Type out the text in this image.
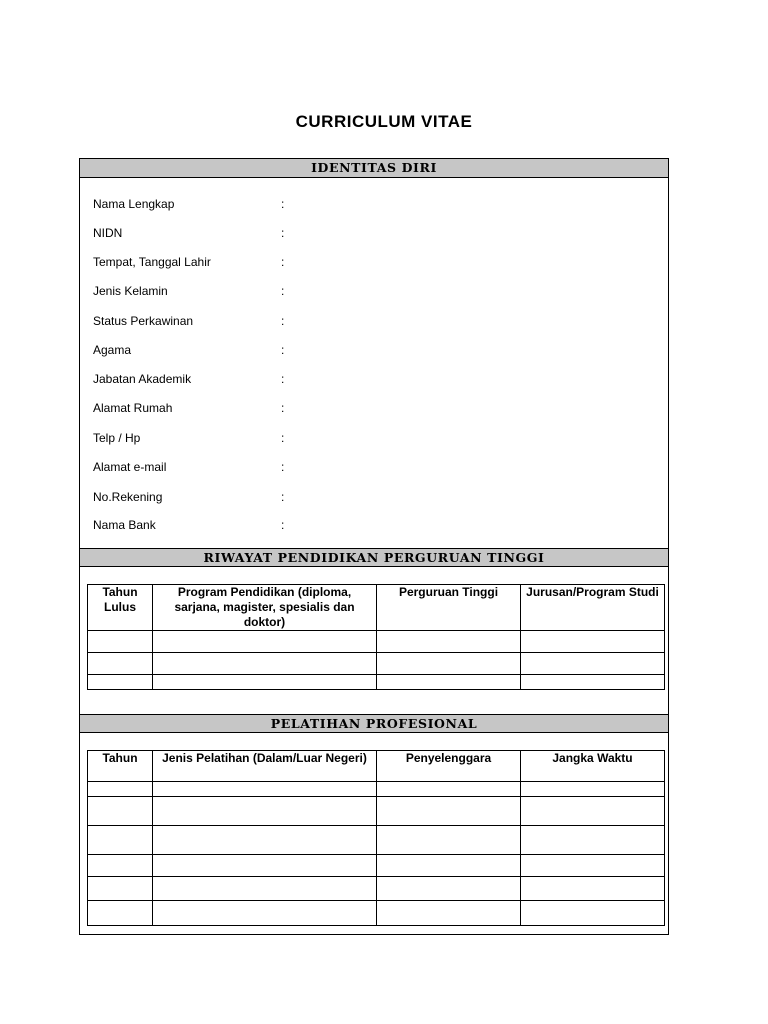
CURRICULUM VITAE
IDENTITAS DIRI
Nama Lengkap	:
NIDN	:
Tempat, Tanggal Lahir	:
Jenis Kelamin	:
Status Perkawinan	:
Agama	:
Jabatan Akademik	:
Alamat Rumah	:
Telp / Hp	:
Alamat e-mail	:
No.Rekening	:
Nama Bank	:
RIWAYAT PENDIDIKAN PERGURUAN TINGGI
Tahun Lulus	Program Pendidikan (diploma, sarjana, magister, spesialis dan doktor)	Perguruan Tinggi	Jurusan/Program Studi

PELATIHAN PROFESIONAL
Tahun	Jenis Pelatihan (Dalam/Luar Negeri)	Penyelenggara	Jangka Waktu
